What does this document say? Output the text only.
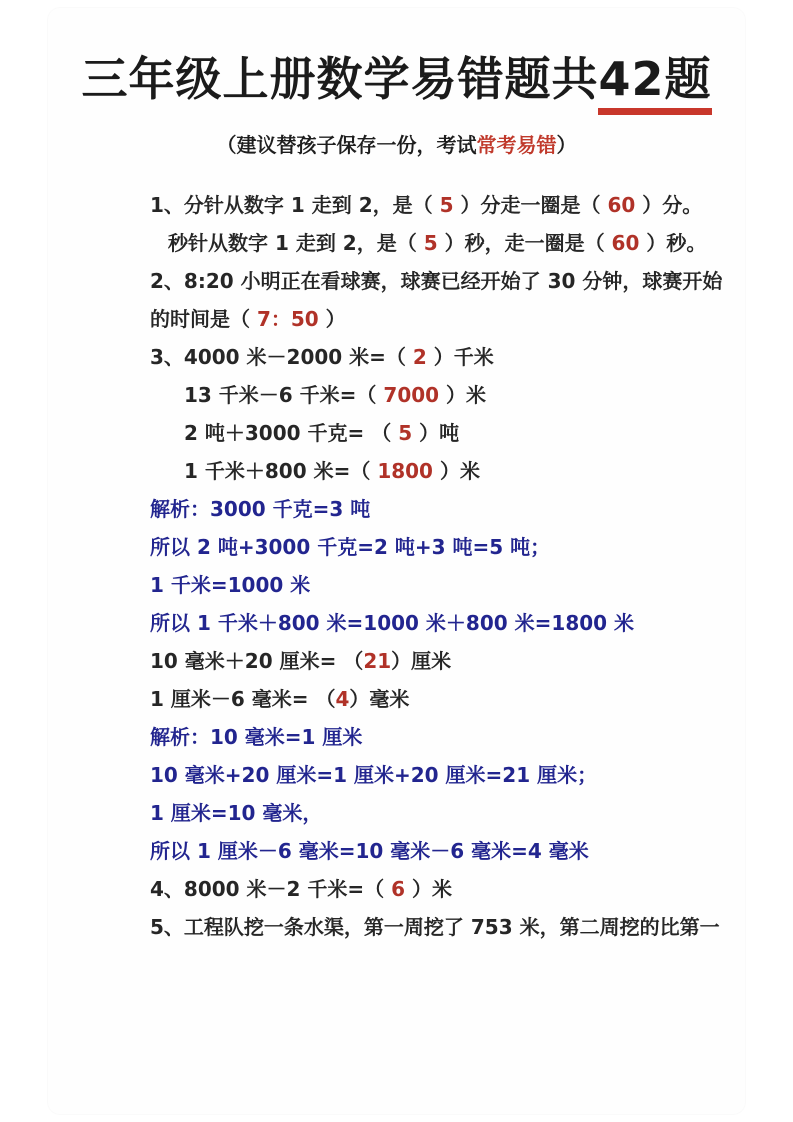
三年级上册数学易错题共42题

（建议替孩子保存一份，考试常考易错）

1、分针从数字 1 走到 2，是（ 5 ）分走一圈是（ 60 ）分。
秒针从数字 1 走到 2，是（ 5 ）秒，走一圈是（ 60 ）秒。
2、8:20 小明正在看球赛，球赛已经开始了 30 分钟，球赛开始
的时间是（ 7：50 ）
3、4000 米－2000 米=（ 2 ）千米
13 千米－6 千米=（ 7000 ）米
2 吨＋3000 千克= （ 5 ）吨
1 千米＋800 米=（ 1800 ）米
解析：3000 千克=3 吨
所以 2 吨+3000 千克=2 吨+3 吨=5 吨；
1 千米=1000 米
所以 1 千米＋800 米=1000 米＋800 米=1800 米
10 毫米＋20 厘米= （21）厘米
1 厘米－6 毫米= （4）毫米
解析：10 毫米=1 厘米
10 毫米+20 厘米=1 厘米+20 厘米=21 厘米；
1 厘米=10 毫米，
所以 1 厘米－6 毫米=10 毫米－6 毫米=4 毫米
4、8000 米－2 千米=（ 6 ）米
5、工程队挖一条水渠，第一周挖了 753 米，第二周挖的比第一
